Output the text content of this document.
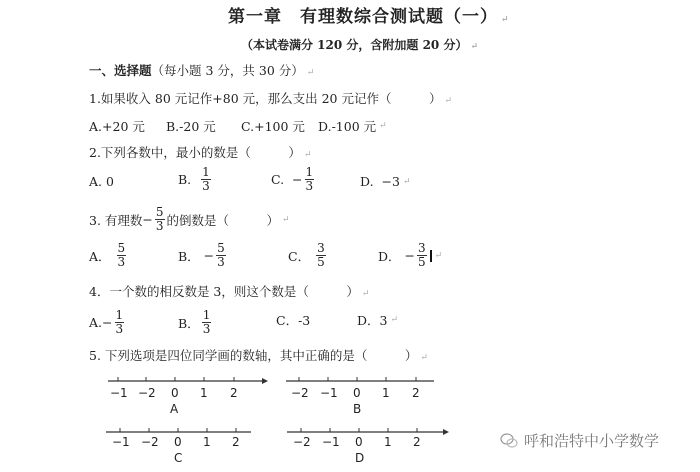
第一章　有理数综合测试题（一） ↵
（本试卷满分 120 分，含附加题 20 分） ↵
一、选择题（每小题 3 分，共 30 分） ↵
1.如果收入 80 元记作+80 元，那么支出 20 元记作（　　　） ↵
A. +20 元 B. -20 元 C. +100 元 D. -100 元 ↵
2.下列各数中，最小的数是（　　　） ↵
A.
0	B.
$\frac{1}{3}$	C.
− $\frac{1}{3}$	D.
−3 ↵
3. 有理数 − $\frac{5}{3}$ 的倒数是（　　　） ↵
A．
$\frac{5}{3}$	B．
− $\frac{5}{3}$	C．
$\frac{3}{5}$	D．
− $\frac{3}{5}$ ↵
4．一个数的相反数是 3，则这个数是（　　　） ↵
A. − $\frac{1}{3}$	B． $\frac{1}{3}$	C． -3	D． 3 ↵
5. 下列选项是四位同学画的数轴，其中正确的是（　　　） ↵
−1 −2 0 1 2
A
−2 −1 0 1 2
B
−1 −2 0 1 2
C
−2 −1 0 1 2
D
呼和浩特中小学数学
